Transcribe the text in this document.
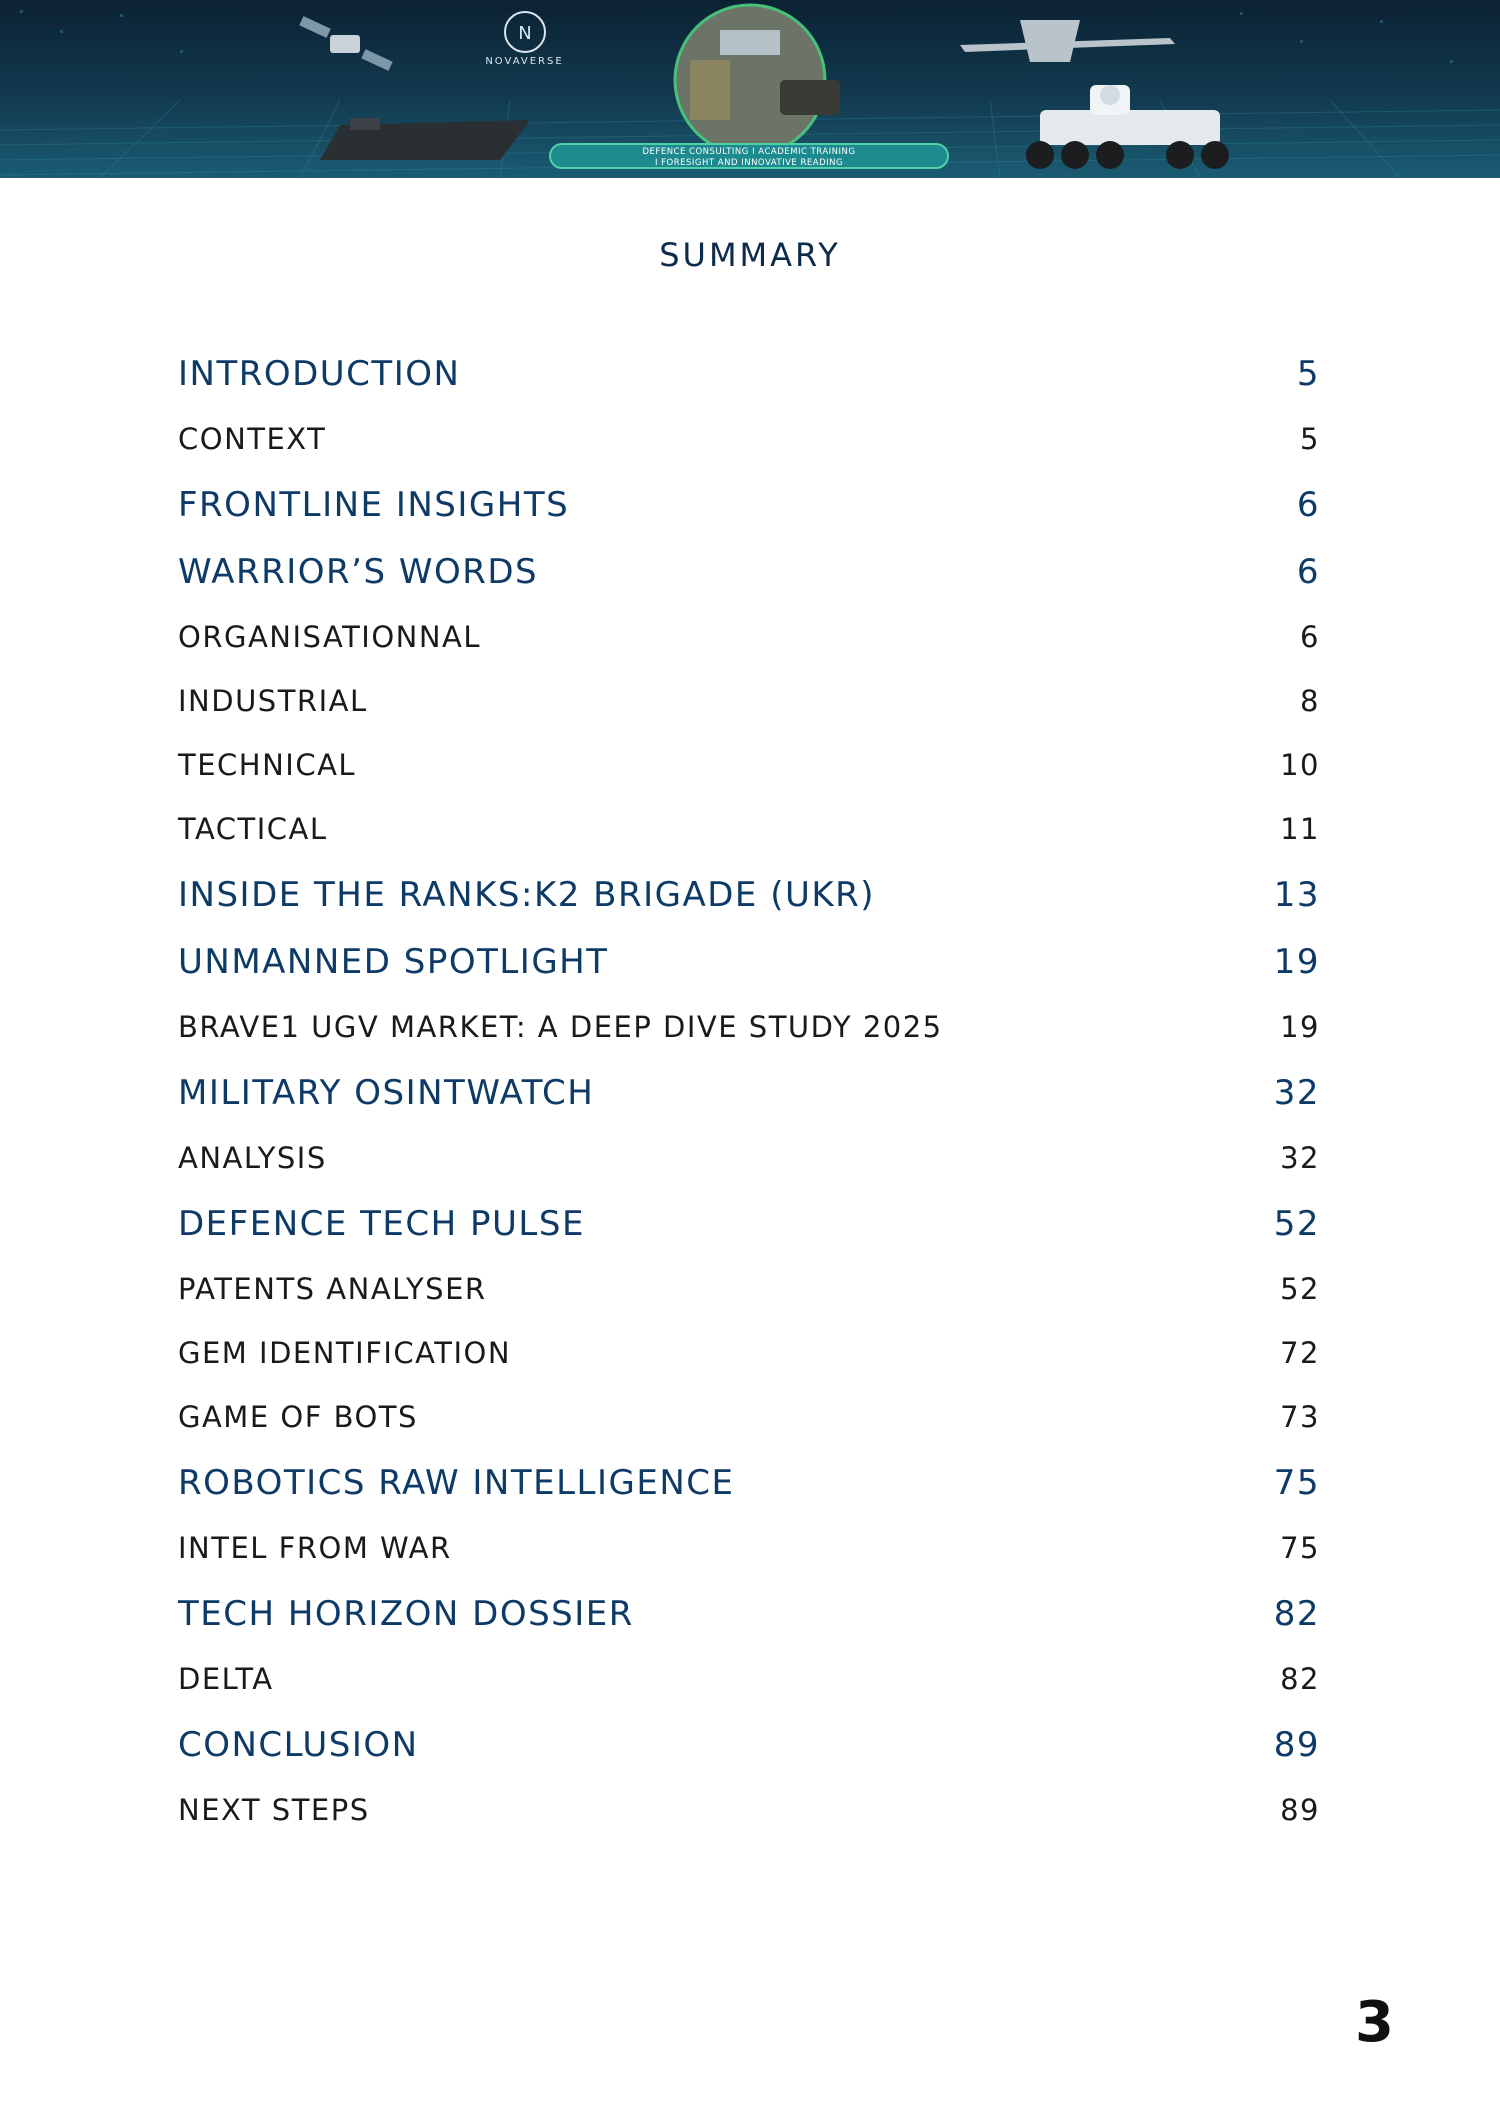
N
NOVAVERSE
DEFENCE CONSULTING I ACADEMIC TRAINING
I FORESIGHT AND INNOVATIVE READING
SUMMARY
INTRODUCTION	5
CONTEXT	5
FRONTLINE INSIGHTS	6
WARRIOR’S WORDS	6
ORGANISATIONNAL	6
INDUSTRIAL	8
TECHNICAL	10
TACTICAL	11
INSIDE THE RANKS:K2 BRIGADE (UKR)	13
UNMANNED SPOTLIGHT	19
BRAVE1 UGV MARKET: A DEEP DIVE STUDY 2025	19
MILITARY OSINTWATCH	32
ANALYSIS	32
DEFENCE TECH PULSE	52
PATENTS ANALYSER	52
GEM IDENTIFICATION	72
GAME OF BOTS	73
ROBOTICS RAW INTELLIGENCE	75
INTEL FROM WAR	75
TECH HORIZON DOSSIER	82
DELTA	82
CONCLUSION	89
NEXT STEPS	89
3
